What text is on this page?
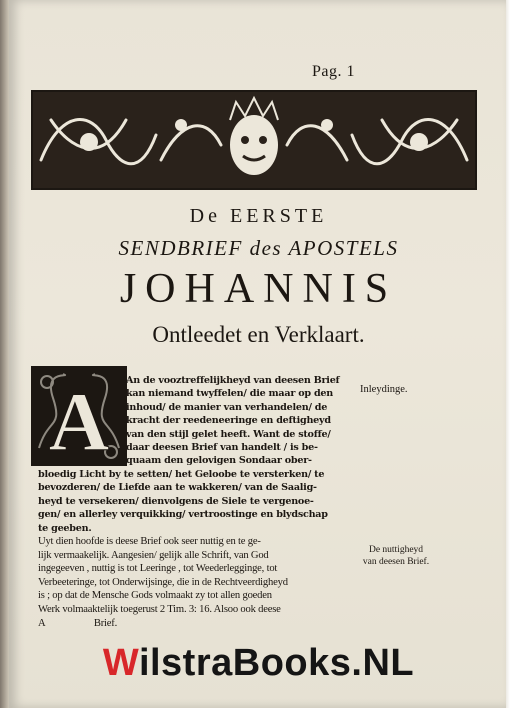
Pag. 1
De EERSTE
SENDBRIEF des APOSTELS
JOHANNIS
Ontleedet en Verklaart.
A An de vooztreffelijkheyd van deesen Brief
kan niemand twyffelen/ die maar op den
inhoud/ de manier van verhandelen/ de
kracht der reedeneeringe en deftigheyd
van den stijl gelet heeft. Want de stoffe/
daar deesen Brief van handelt / is be-
quaam den gelovigen Sondaar ober-
bloedig Licht by te setten/ het Geloobe te versterken/ te
bevozderen/ de Liefde aan te wakkeren/ van de Saalig-
heyd te versekeren/ dienvolgens de Siele te vergenoe-
gen/ en allerley verquikking/ vertroostinge en blydschap
te geeben.
Inleydinge.
De nuttigheyd
van deesen Brief.
Uyt dien hoofde is deese Brief ook seer nuttig en te ge-
lijk vermaakelijk. Aangesien/ gelijk alle Schrift, van God
ingegeeven , nuttig is tot Leeringe , tot Weederlegginge, tot
Verbeeteringe, tot Onderwijsinge, die in de Rechtveerdigheyd
is ; op dat de Mensche Gods volmaakt zy tot allen goeden
Werk volmaaktelijk toegerust 2 Tim. 3: 16. Alsoo ook deese
A                    Brief.
WilstraBooks.NL
